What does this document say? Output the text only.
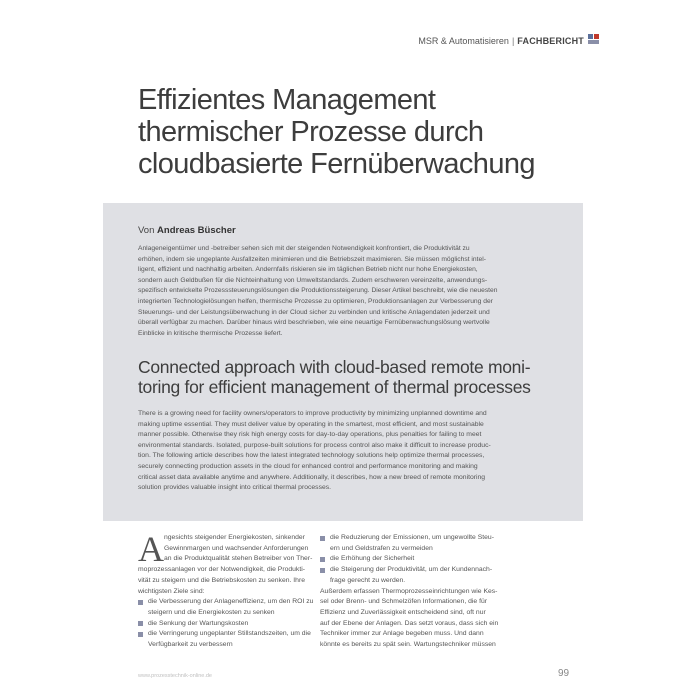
MSR & Automatisieren | FACHBERICHT
Effizientes Management
thermischer Prozesse durch
cloudbasierte Fernüberwachung
Von Andreas Büscher
Anlageneigentümer und -betreiber sehen sich mit der steigenden Notwendigkeit konfrontiert, die Produktivität zu
erhöhen, indem sie ungeplante Ausfallzeiten minimieren und die Betriebszeit maximieren. Sie müssen möglichst intel-
ligent, effizient und nachhaltig arbeiten. Andernfalls riskieren sie im täglichen Betrieb nicht nur hohe Energiekosten,
sondern auch Geldbußen für die Nichteinhaltung von Umweltstandards. Zudem erschweren vereinzelte, anwendungs-
spezifisch entwickelte Prozesssteuerungslösungen die Produktionssteigerung. Dieser Artikel beschreibt, wie die neuesten
integrierten Technologielösungen helfen, thermische Prozesse zu optimieren, Produktionsanlagen zur Verbesserung der
Steuerungs- und der Leistungsüberwachung in der Cloud sicher zu verbinden und kritische Anlagendaten jederzeit und
überall verfügbar zu machen. Darüber hinaus wird beschrieben, wie eine neuartige Fernüberwachungslösung wertvolle
Einblicke in kritische thermische Prozesse liefert.
Connected approach with cloud-based remote moni-
toring for efficient management of thermal processes
There is a growing need for facility owners/operators to improve productivity by minimizing unplanned downtime and
making uptime essential. They must deliver value by operating in the smartest, most efficient, and most sustainable
manner possible. Otherwise they risk high energy costs for day-to-day operations, plus penalties for failing to meet
environmental standards. Isolated, purpose-built solutions for process control also make it difficult to increase produc-
tion. The following article describes how the latest integrated technology solutions help optimize thermal processes,
securely connecting production assets in the cloud for enhanced control and performance monitoring and making
critical asset data available anytime and anywhere. Additionally, it describes, how a new breed of remote monitoring
solution provides valuable insight into critical thermal processes.
A ngesichts steigender Energiekosten, sinkender
Gewinnmargen und wachsender Anforderungen
an die Produktqualität stehen Betreiber von Ther-
moprozessanlagen vor der Notwendigkeit, die Produkti-
vität zu steigern und die Betriebskosten zu senken. Ihre
wichtigsten Ziele sind:
die Verbesserung der Anlageneffizienz, um den ROI zu
steigern und die Energiekosten zu senken
die Senkung der Wartungskosten
die Verringerung ungeplanter Stillstandszeiten, um die
Verfügbarkeit zu verbessern
die Reduzierung der Emissionen, um ungewollte Steu-
ern und Geldstrafen zu vermeiden
die Erhöhung der Sicherheit
die Steigerung der Produktivität, um der Kundennach-
frage gerecht zu werden.
Außerdem erfassen Thermoprozesseinrichtungen wie Kes-
sel oder Brenn- und Schmelzöfen Informationen, die für
Effizienz und Zuverlässigkeit entscheidend sind, oft nur
auf der Ebene der Anlagen. Das setzt voraus, dass sich ein
Techniker immer zur Anlage begeben muss. Und dann
könnte es bereits zu spät sein. Wartungstechniker müssen
www.prozesstechnik-online.de	99
